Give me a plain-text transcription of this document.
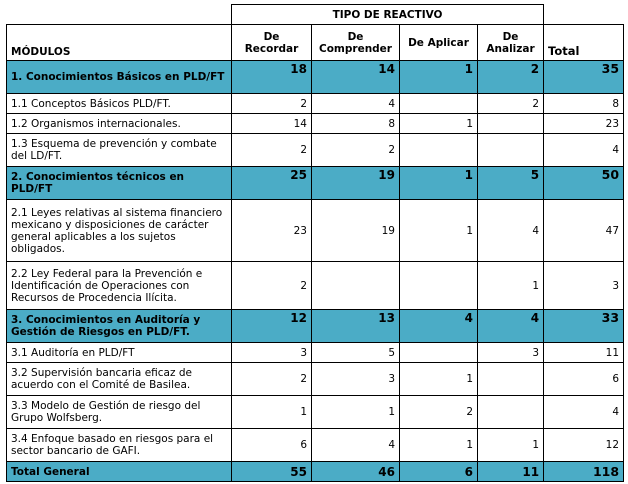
	TIPO DE REACTIVO				
MÓDULOS	De Recordar	De Comprender	De Aplicar	De Analizar	Total
1. Conocimientos Básicos en PLD/FT	18	14	1	2	35
1.1 Conceptos Básicos PLD/FT.	2	4		2	8
1.2 Organismos internacionales.	14	8	1		23
1.3 Esquema de prevención y combate del LD/FT.	2	2			4
2. Conocimientos técnicos en PLD/FT	25	19	1	5	50
2.1 Leyes relativas al sistema financiero mexicano y disposiciones de carácter general aplicables a los sujetos obligados.	23	19	1	4	47
2.2 Ley Federal para la Prevención e Identificación de Operaciones con Recursos de Procedencia Ilícita.	2			1	3
3. Conocimientos en Auditoría y Gestión de Riesgos en PLD/FT.	12	13	4	4	33
3.1 Auditoría en PLD/FT	3	5		3	11
3.2 Supervisión bancaria eficaz de acuerdo con el Comité de Basilea.	2	3	1		6
3.3 Modelo de Gestión de riesgo del Grupo Wolfsberg.	1	1	2		4
3.4 Enfoque basado en riesgos para el sector bancario de GAFI.	6	4	1	1	12
Total General	55	46	6	11	118
